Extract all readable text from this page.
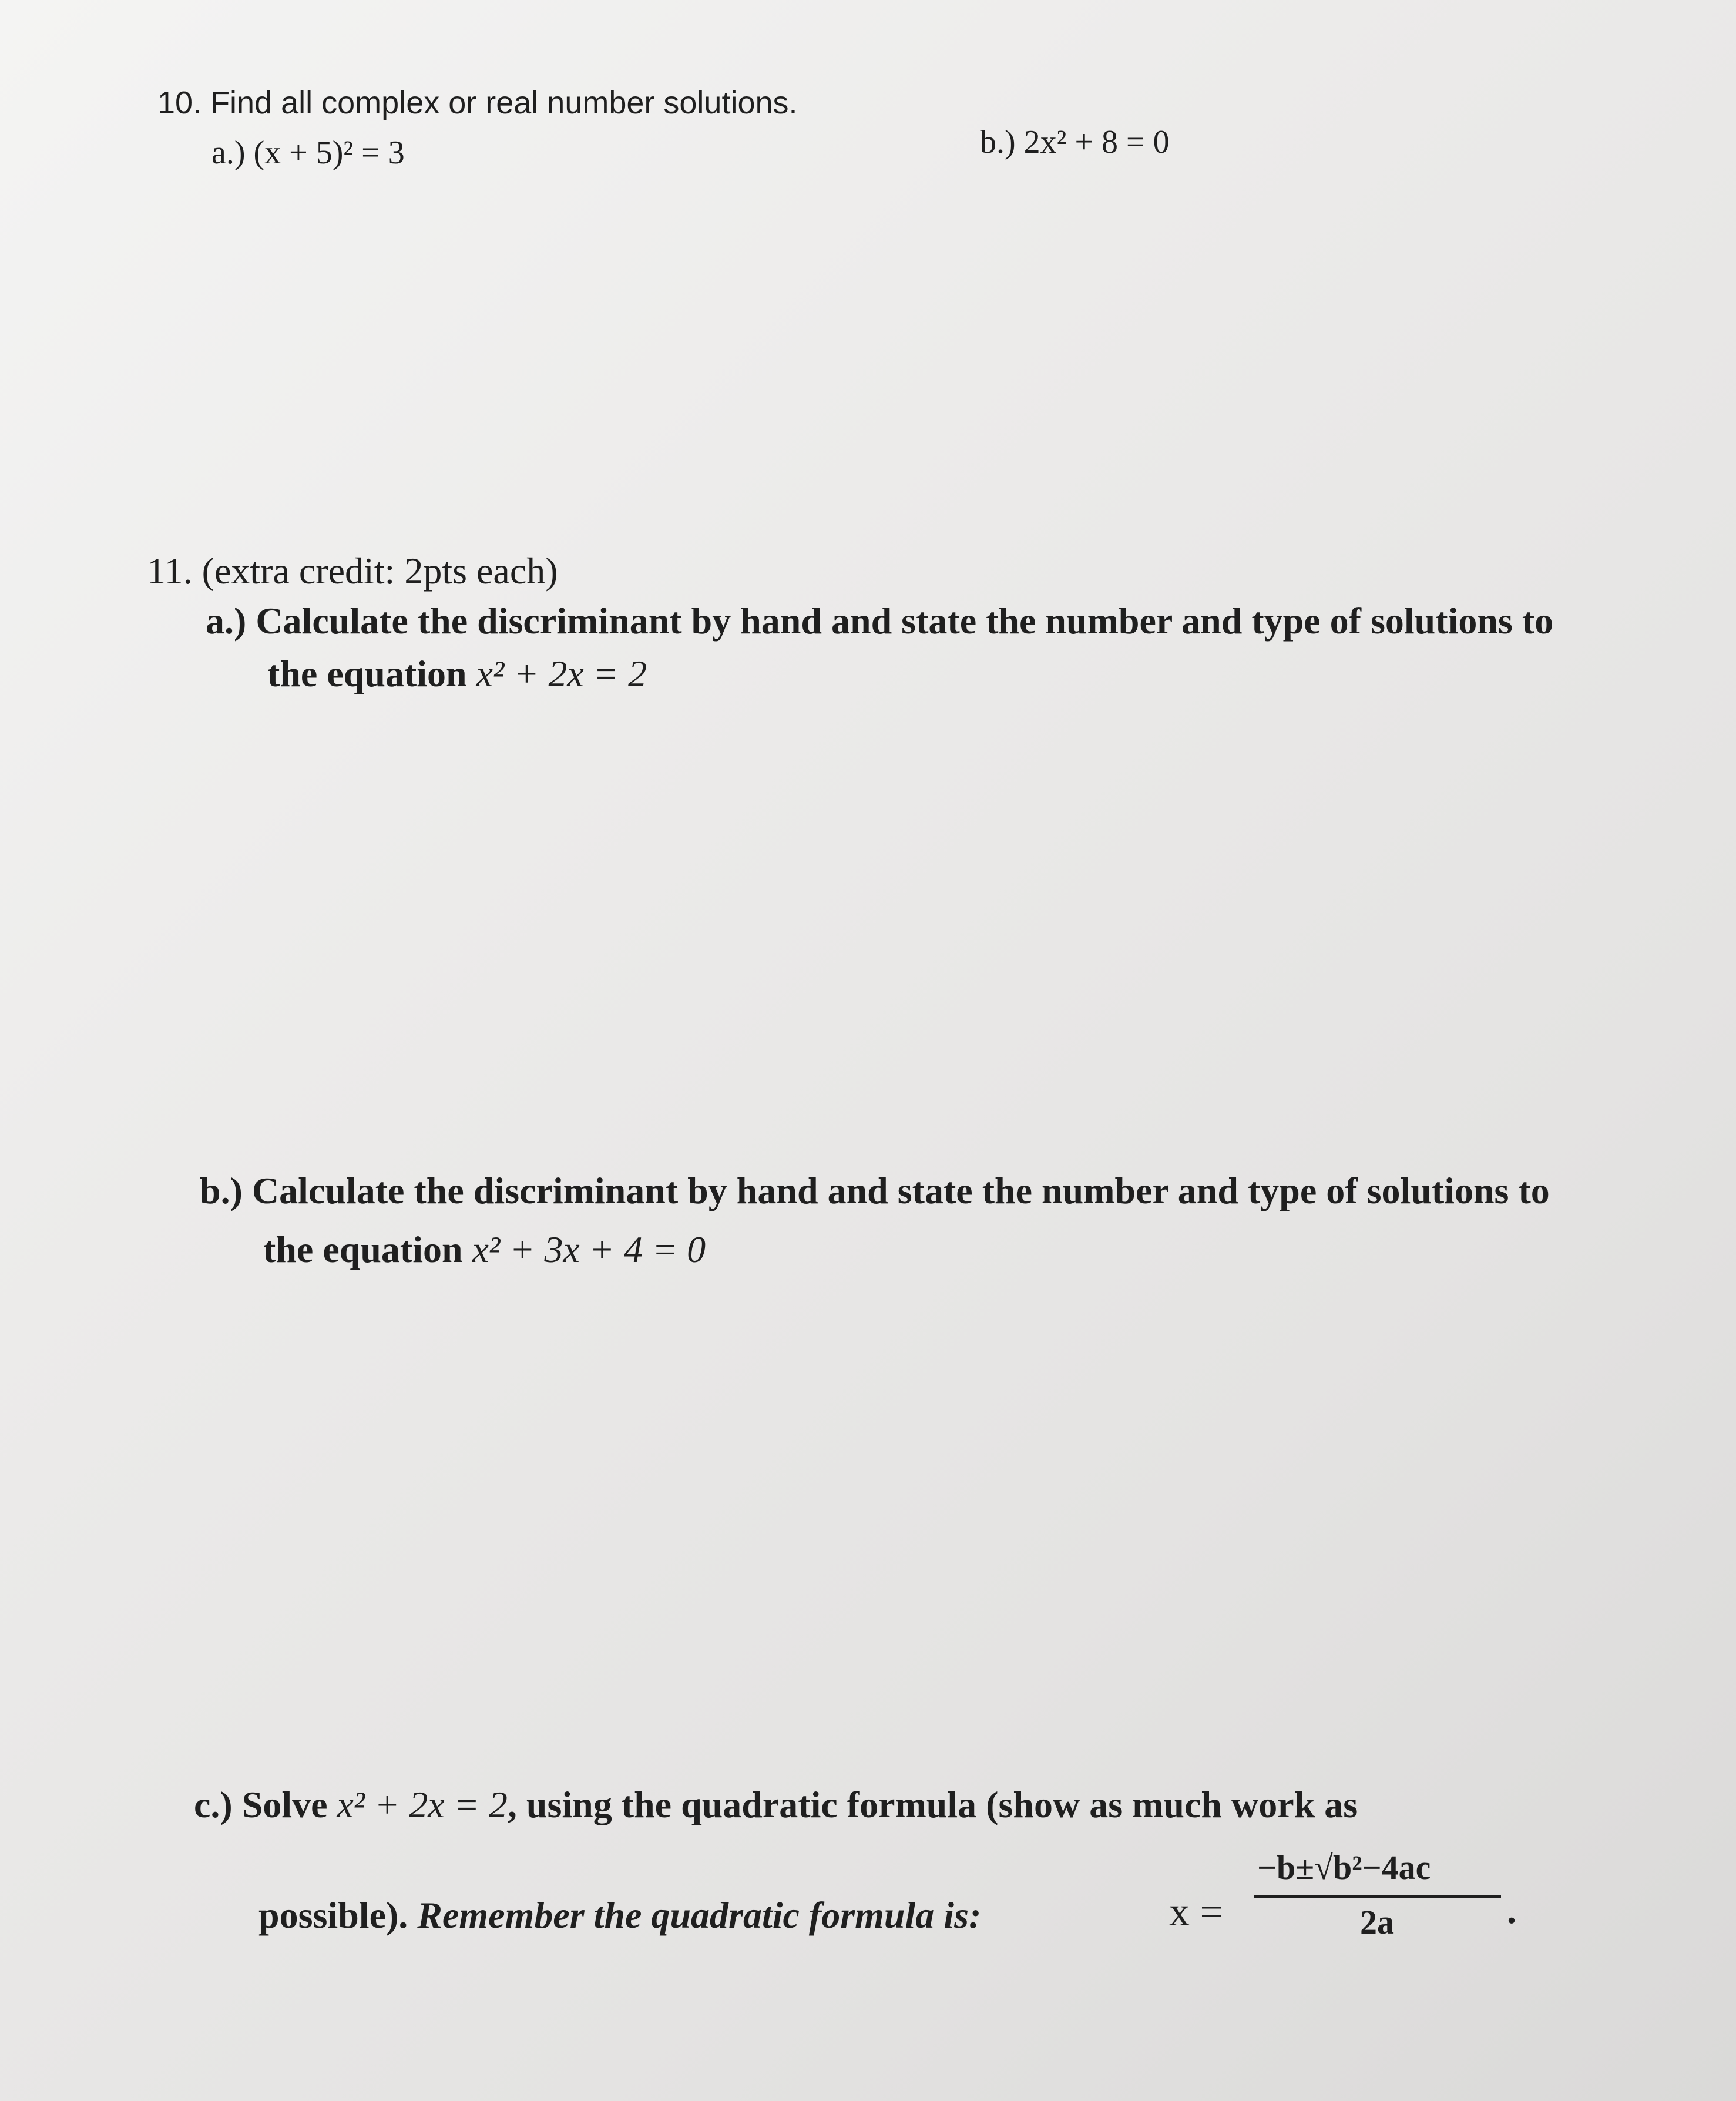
10. Find all complex or real number solutions.
a.) (x + 5)² = 3	b.) 2x² + 8 = 0
11. (extra credit: 2pts each)
a.) Calculate the discriminant by hand and state the number and type of solutions to
the equation x² + 2x = 2
b.) Calculate the discriminant by hand and state the number and type of solutions to
the equation x² + 3x + 4 = 0
c.) Solve x² + 2x = 2, using the quadratic formula (show as much work as
possible). Remember the quadratic formula is:	x =
−b±√b²−4ac
2a	.
